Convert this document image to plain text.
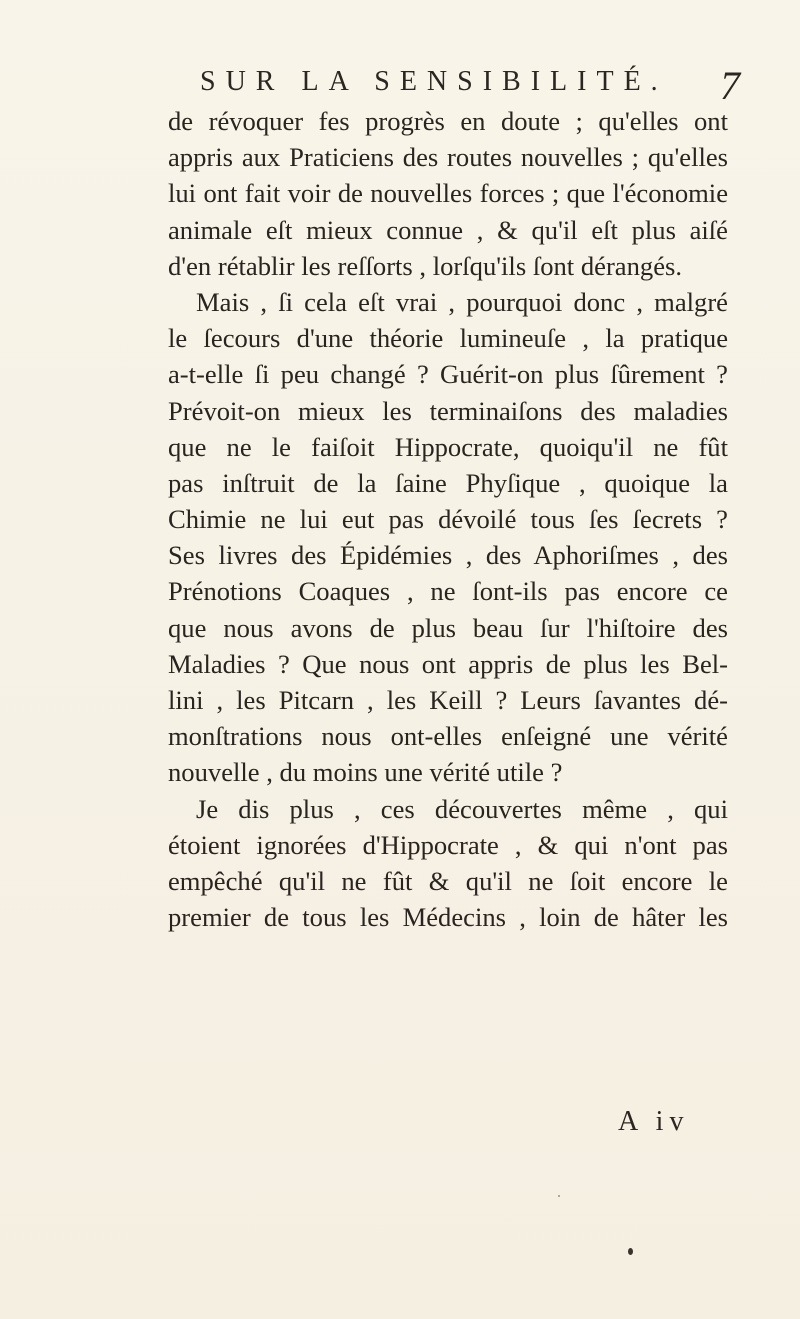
SUR LA SENSIBILITÉ. 7
de révoquer fes progrès en doute ; qu'elles ont
appris aux Praticiens des routes nouvelles ; qu'elles
lui ont fait voir de nouvelles forces ; que l'économie
animale eſt mieux connue , & qu'il eſt plus aiſé
d'en rétablir les reſſorts , lorſqu'ils ſont dérangés.
Mais , ſi cela eſt vrai , pourquoi donc , malgré
le ſecours d'une théorie lumineuſe , la pratique
a-t-elle ſi peu changé ? Guérit-on plus ſûrement ?
Prévoit-on mieux les terminaiſons des maladies
que ne le faiſoit Hippocrate, quoiqu'il ne fût
pas inſtruit de la ſaine Phyſique , quoique la
Chimie ne lui eut pas dévoilé tous ſes ſecrets ?
Ses livres des Épidémies , des Aphoriſmes , des
Prénotions Coaques , ne ſont-ils pas encore ce
que nous avons de plus beau ſur l'hiſtoire des
Maladies ? Que nous ont appris de plus les Bel-
lini , les Pitcarn , les Keill ? Leurs ſavantes dé-
monſtrations nous ont-elles enſeigné une vérité
nouvelle , du moins une vérité utile ?
Je dis plus , ces découvertes même , qui
étoient ignorées d'Hippocrate , & qui n'ont pas
empêché qu'il ne fût & qu'il ne ſoit encore le
premier de tous les Médecins , loin de hâter les
A iv
